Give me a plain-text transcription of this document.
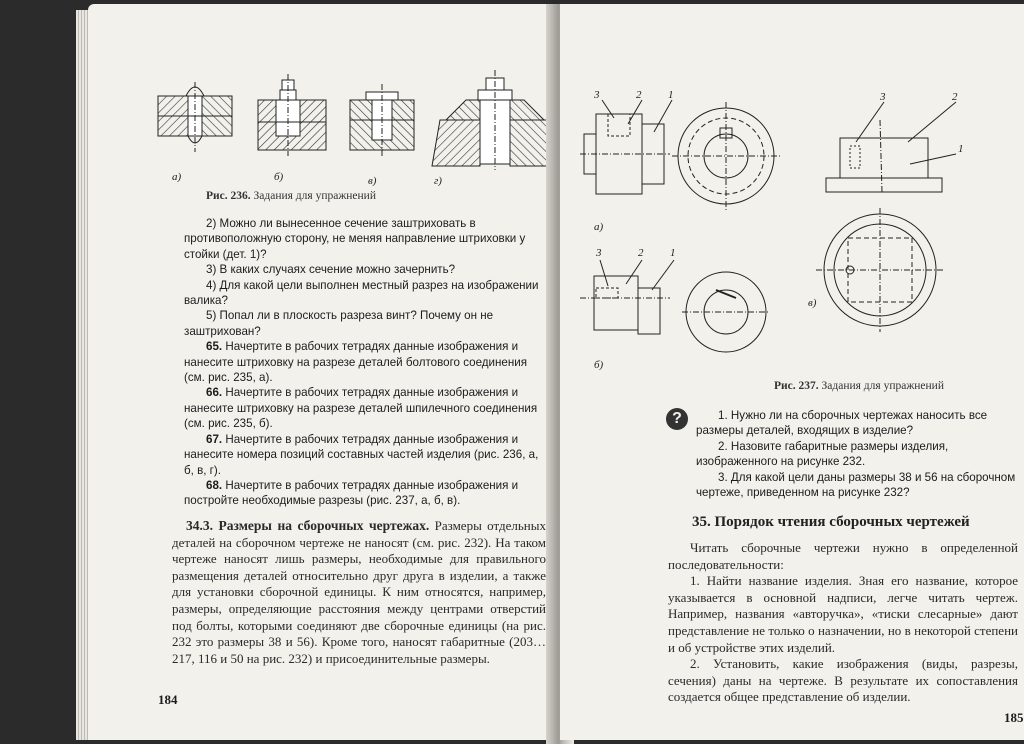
а)	б)	в)	г)
Рис. 236. Задания для упражнений

2) Можно ли вынесенное сечение заштриховать в противоположную сторону, не меняя направление штриховки у стойки (дет. 1)?

3) В каких случаях сечение можно зачернить?

4) Для какой цели выполнен местный разрез на изображении валика?

5) Попал ли в плоскость разреза винт? Почему он не заштрихован?

65. Начертите в рабочих тетрадях данные изображения и нанесите штриховку на разрезе деталей болтового соединения (см. рис. 235, а).

66. Начертите в рабочих тетрадях данные изображения и нанесите штриховку на разрезе деталей шпилечного соединения (см. рис. 235, б).

67. Начертите в рабочих тетрадях данные изображения и нанесите номера позиций составных частей изделия (рис. 236, а, б, в, г).

68. Начертите в рабочих тетрадях данные изображения и постройте необходимые разрезы (рис. 237, а, б, в).

34.3. Размеры на сборочных чертежах. Размеры отдельных деталей на сборочном чертеже не наносят (см. рис. 232). На таком чертеже наносят лишь размеры, необходимые для правильного размещения деталей относительно друг друга в изделии, а также для установки сборочной единицы. К ним относятся, например, размеры, определяющие расстояния между центрами отверстий под болты, которыми соединяют две сборочные единицы (на рис. 232 это размеры 38 и 56). Кроме того, наносят габаритные (203…217, 116 и 50 на рис. 232) и присоединительные размеры.
184
3	2 1
3	2 1
3	2
1
а)
б)
в)
Рис. 237. Задания для упражнений
?	1. Нужно ли на сборочных чертежах наносить все размеры деталей, входящих в изделие?

2. Назовите габаритные размеры изделия, изображенного на рисунке 232.

3. Для какой цели даны размеры 38 и 56 на сборочном чертеже, приведенном на рисунке 232?

35. Порядок чтения сборочных чертежей

Читать сборочные чертежи нужно в определенной последовательности:

1. Найти название изделия. Зная его название, которое указывается в основной надписи, легче читать чертеж. Например, названия «авторучка», «тиски слесарные» дают представление не только о назначении, но в некоторой степени и об устройстве этих изделий.

2. Установить, какие изображения (виды, разрезы, сечения) даны на чертеже. В результате их сопоставления создается общее представление об изделии.

185
